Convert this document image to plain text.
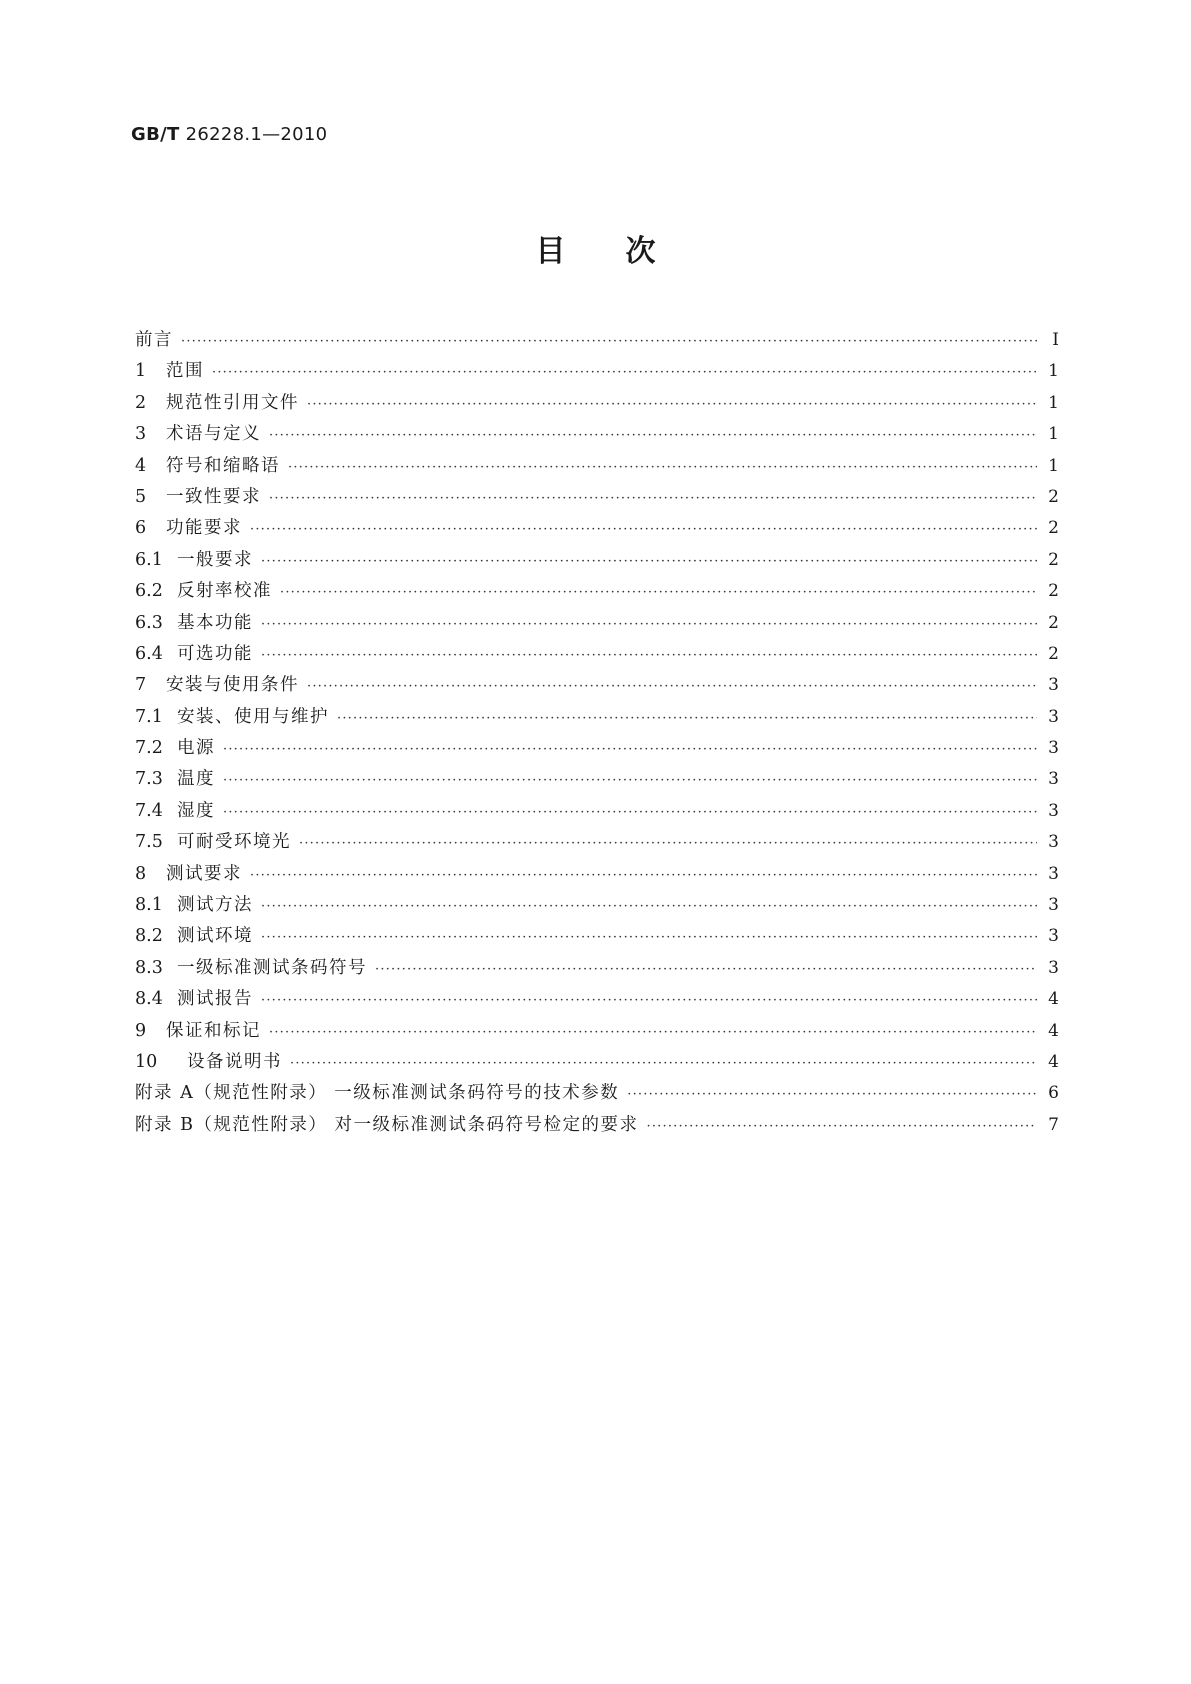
GB/T 26228.1—2010
目次
前言 ·····	Ⅰ
1	范围 ·····	1
2	规范性引用文件 ·····	1
3	术语与定义 ·····	1
4	符号和缩略语 ·····	1
5	一致性要求 ·····	2
6	功能要求 ·····	2
6.1 一般要求 ·····	2
6.2 反射率校准 ·····	2
6.3 基本功能 ·····	2
6.4 可选功能 ·····	2
7	安装与使用条件 ·····	3
7.1 安装、使用与维护 ·····	3
7.2 电源 ·····	3
7.3 温度 ·····	3
7.4 湿度 ·····	3
7.5 可耐受环境光 ·····	3
8	测试要求 ·····	3
8.1 测试方法 ·····	3
8.2 测试环境 ·····	3
8.3 一级标准测试条码符号 ·····	3
8.4 测试报告 ·····	4
9	保证和标记 ·····	4
10	设备说明书 ·····	4
附录 A（规范性附录） 一级标准测试条码符号的技术参数 ·····	6
附录 B（规范性附录） 对一级标准测试条码符号检定的要求 ·····	7
